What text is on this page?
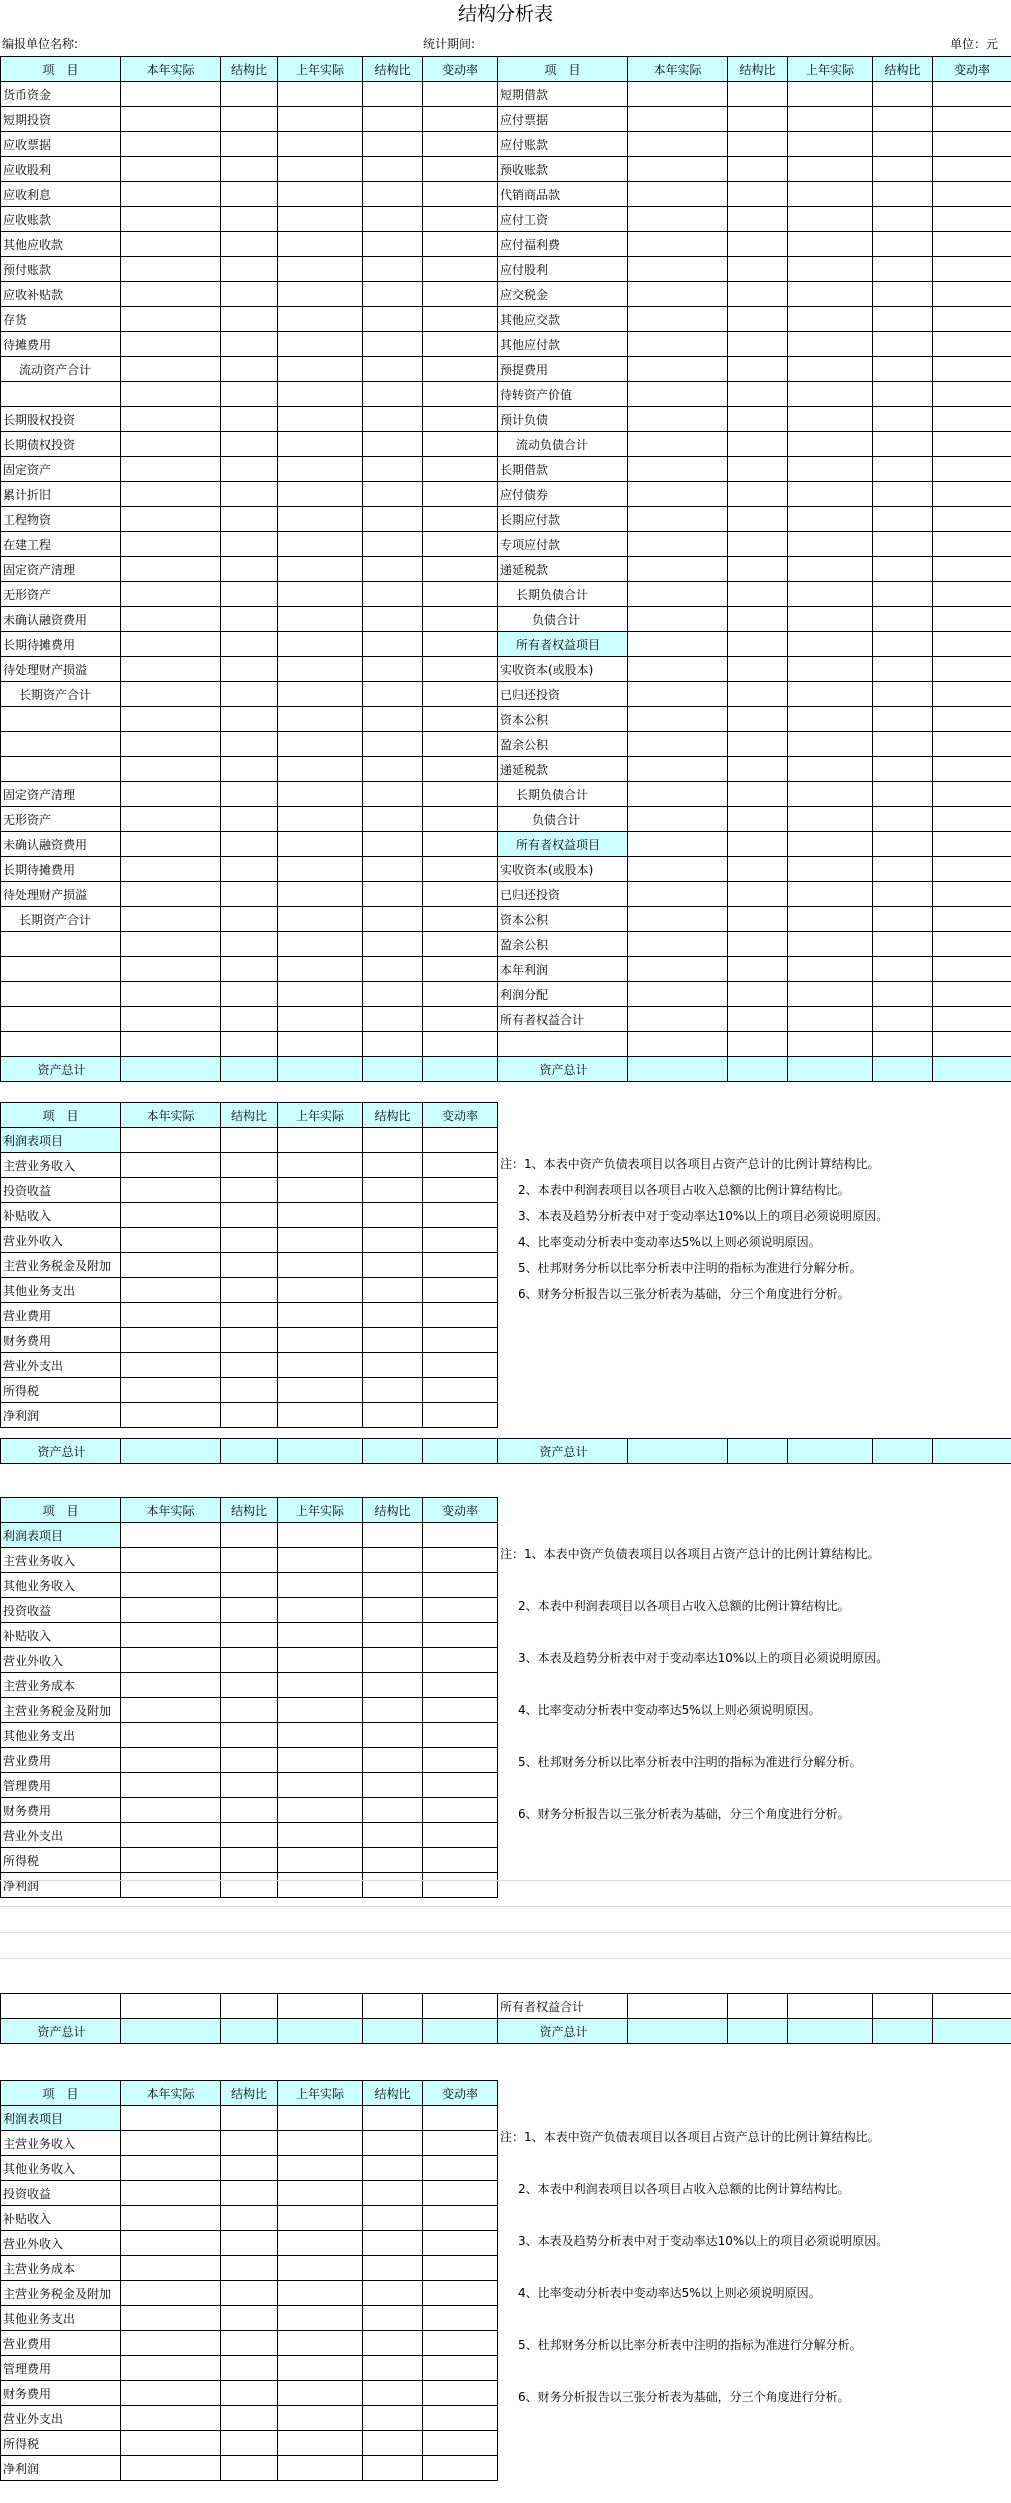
结构分析表
编报单位名称:	统计期间:	单位：元
项　目	本年实际	结构比	上年实际	结构比	变动率	项　目	本年实际	结构比	上年实际	结构比	变动率
货币资金						短期借款					
短期投资						应付票据					
应收票据						应付账款					
应收股利						预收账款					
应收利息						代销商品款					
应收账款						应付工资					
其他应收款						应付福利费					
预付账款						应付股利					
应收补贴款						应交税金					
存货						其他应交款					
待摊费用						其他应付款					
流动资产合计						预提费用					
						待转资产价值					
长期股权投资						预计负债					
长期债权投资						流动负债合计					
固定资产						长期借款					
累计折旧						应付债券					
工程物资						长期应付款					
在建工程						专项应付款					
固定资产清理						递延税款					
无形资产						长期负债合计					
未确认融资费用						负债合计					
长期待摊费用						所有者权益项目					
待处理财产损溢						实收资本(或股本)					
长期资产合计						已归还投资					
						资本公积					
						盈余公积					
						递延税款					
固定资产清理						长期负债合计					
无形资产						负债合计					
未确认融资费用						所有者权益项目					
长期待摊费用						实收资本(或股本)					
待处理财产损溢						已归还投资					
长期资产合计						资本公积					
						盈余公积					
						本年利润					
						利润分配					
						所有者权益合计					

资产总计						资产总计					
项　目	本年实际	结构比	上年实际	结构比	变动率
利润表项目					
主营业务收入					
投资收益					
补贴收入					
营业外收入					
主营业务税金及附加					
其他业务支出					
营业费用					
财务费用					
营业外支出					
所得税					
净利润					
注：1、本表中资产负债表项目以各项目占资产总计的比例计算结构比。
2、本表中利润表项目以各项目占收入总额的比例计算结构比。
3、本表及趋势分析表中对于变动率达10%以上的项目必须说明原因。
4、比率变动分析表中变动率达5%以上则必须说明原因。
5、杜邦财务分析以比率分析表中注明的指标为准进行分解分析。
6、财务分析报告以三张分析表为基础，分三个角度进行分析。
资产总计						资产总计					
项　目	本年实际	结构比	上年实际	结构比	变动率
利润表项目					
主营业务收入					
其他业务收入					
投资收益					
补贴收入					
营业外收入					
主营业务成本					
主营业务税金及附加					
其他业务支出					
营业费用					
管理费用					
财务费用					
营业外支出					
所得税					
净利润					
注：1、本表中资产负债表项目以各项目占资产总计的比例计算结构比。
2、本表中利润表项目以各项目占收入总额的比例计算结构比。
3、本表及趋势分析表中对于变动率达10%以上的项目必须说明原因。
4、比率变动分析表中变动率达5%以上则必须说明原因。
5、杜邦财务分析以比率分析表中注明的指标为准进行分解分析。
6、财务分析报告以三张分析表为基础，分三个角度进行分析。
						所有者权益合计					
资产总计						资产总计					
项　目	本年实际	结构比	上年实际	结构比	变动率
利润表项目					
主营业务收入					
其他业务收入					
投资收益					
补贴收入					
营业外收入					
主营业务成本					
主营业务税金及附加					
其他业务支出					
营业费用					
管理费用					
财务费用					
营业外支出					
所得税					
净利润					
注：1、本表中资产负债表项目以各项目占资产总计的比例计算结构比。
2、本表中利润表项目以各项目占收入总额的比例计算结构比。
3、本表及趋势分析表中对于变动率达10%以上的项目必须说明原因。
4、比率变动分析表中变动率达5%以上则必须说明原因。
5、杜邦财务分析以比率分析表中注明的指标为准进行分解分析。
6、财务分析报告以三张分析表为基础，分三个角度进行分析。
